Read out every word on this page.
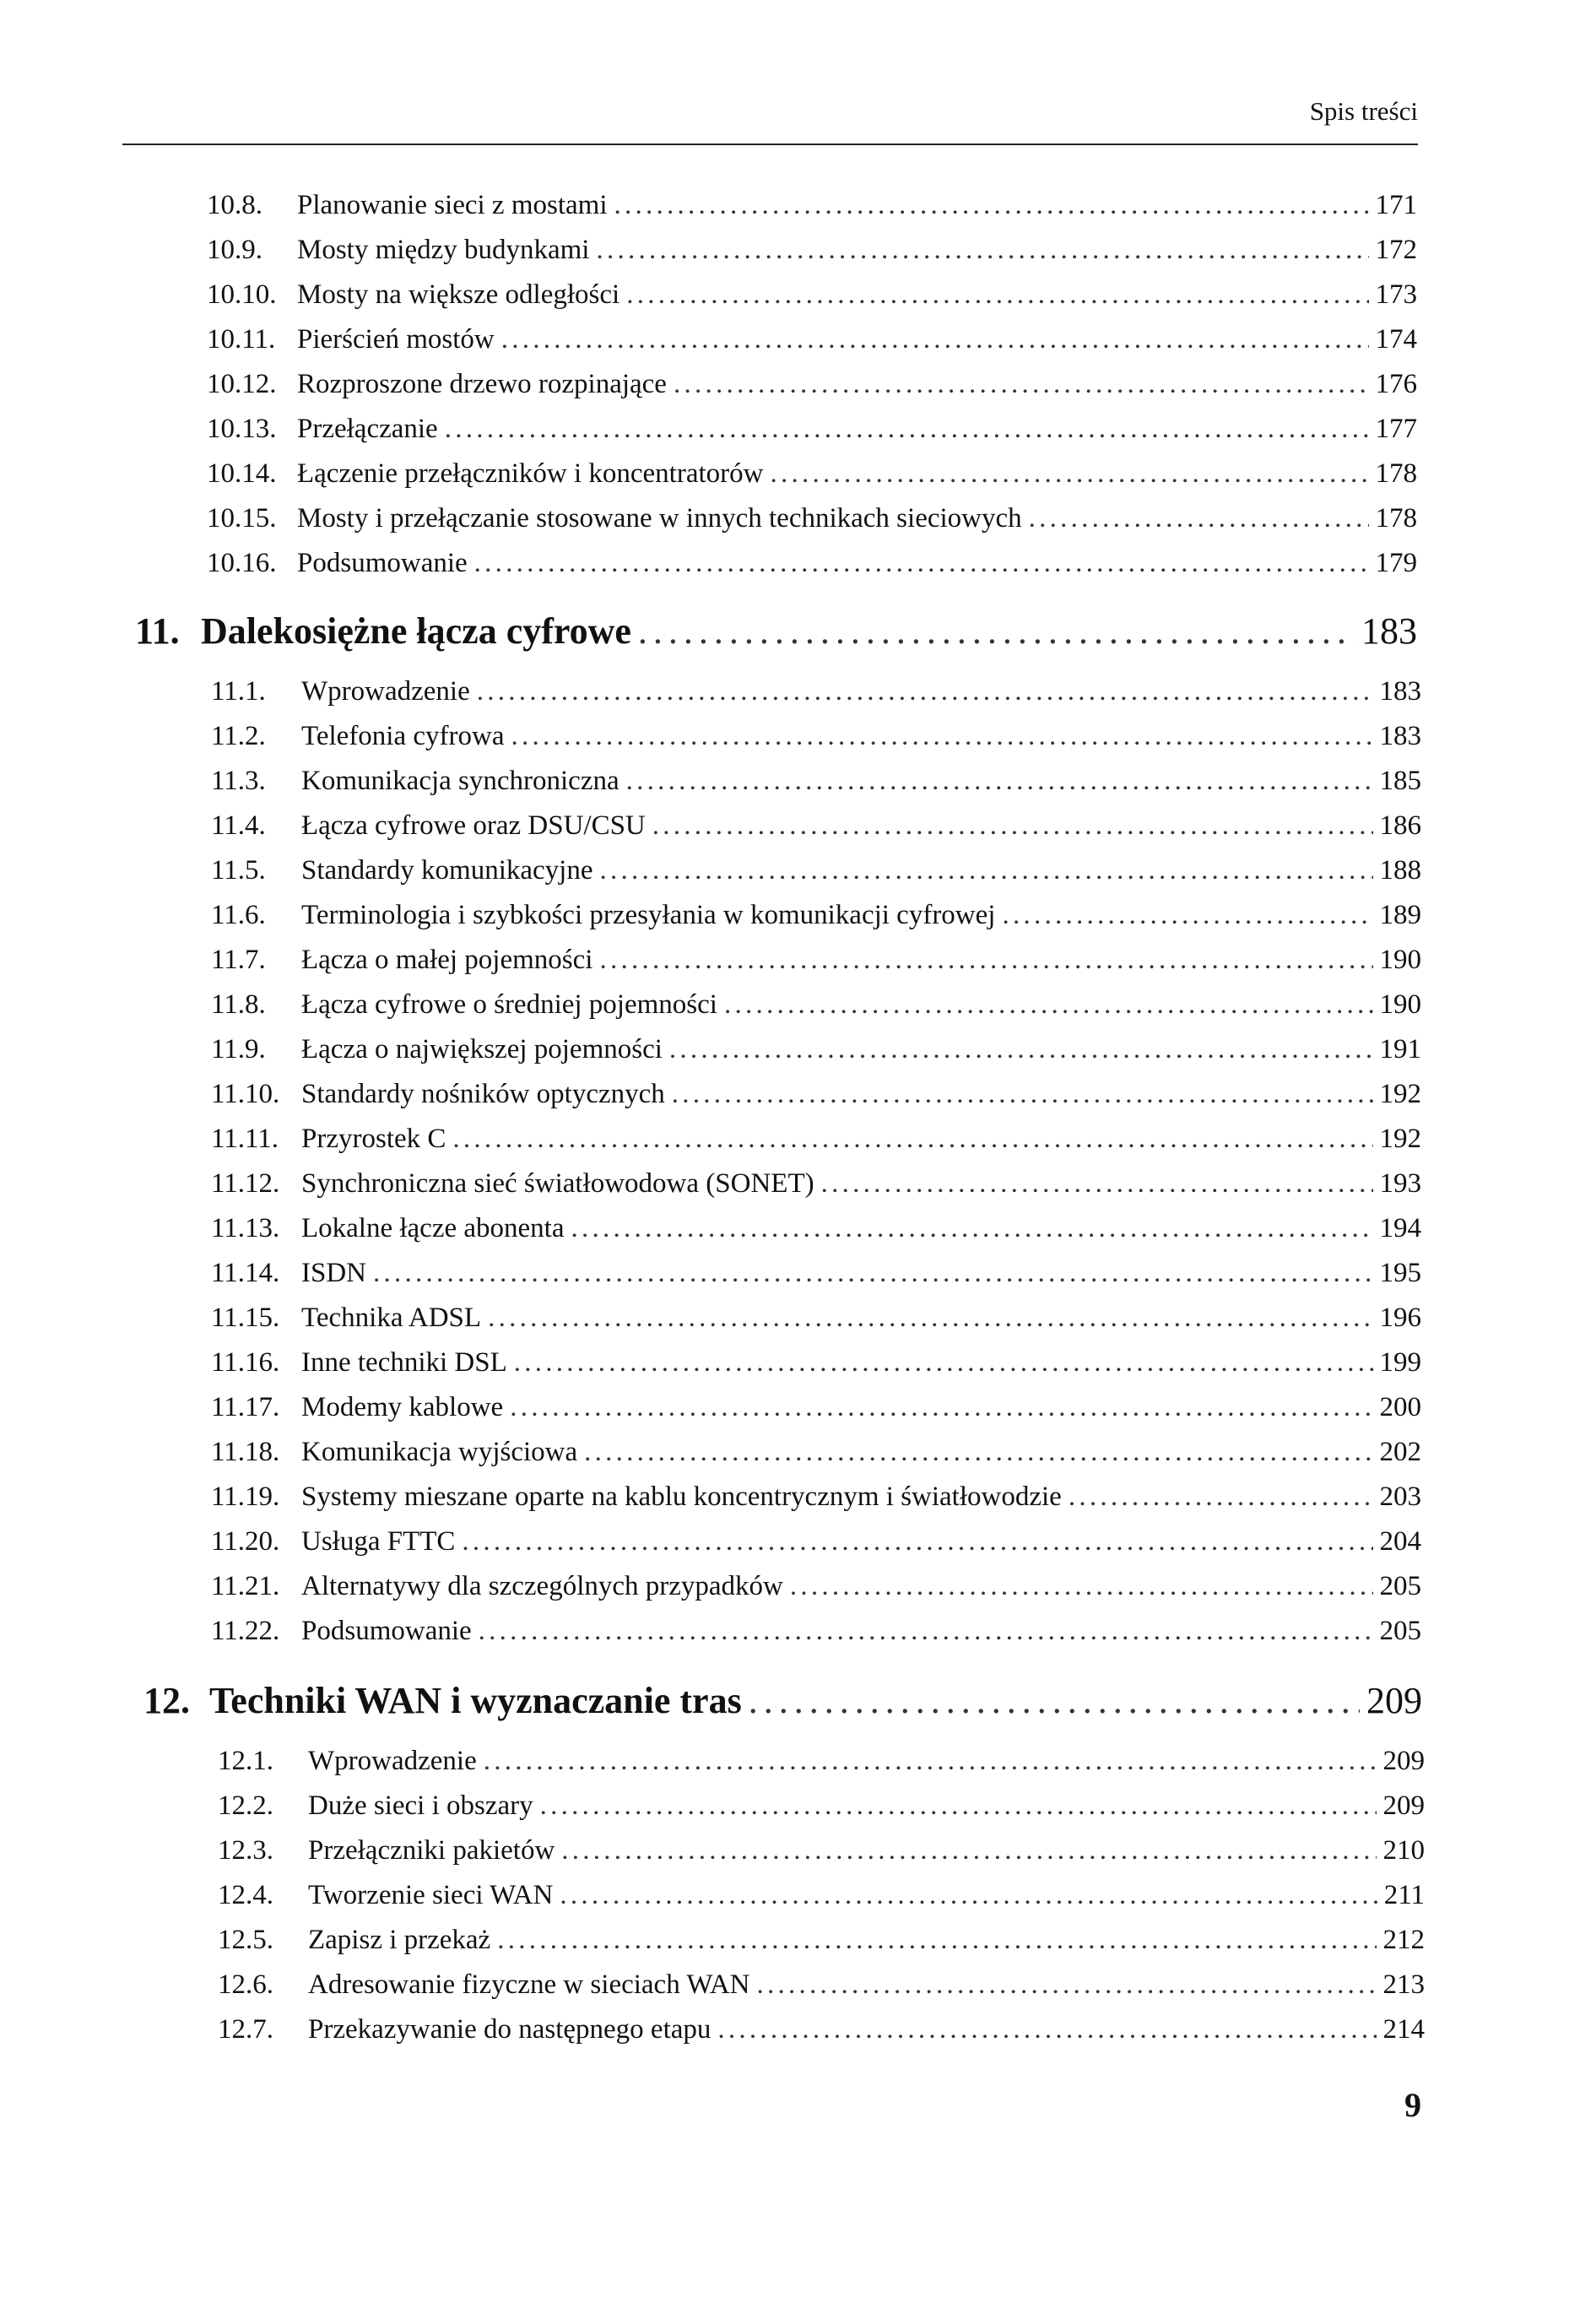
Spis treści
10.8.	Planowanie sieci z mostami . . .	171
10.9.	Mosty między budynkami . . .	172
10.10. Mosty na większe odległości . . .	173
10.11. Pierścień mostów . . .	174
10.12. Rozproszone drzewo rozpinające . . .	176
10.13. Przełączanie . . .	177
10.14. Łączenie przełączników i koncentratorów . . .	178
10.15. Mosty i przełączanie stosowane w innych technikach sieciowych . . .	178
10.16. Podsumowanie . . .	179
11. Dalekosiężne łącza cyfrowe . . .	183
11.1.	Wprowadzenie . . .	183
11.2.	Telefonia cyfrowa . . .	183
11.3.	Komunikacja synchroniczna . . .	185
11.4.	Łącza cyfrowe oraz DSU/CSU . . .	186
11.5.	Standardy komunikacyjne . . .	188
11.6.	Terminologia i szybkości przesyłania w komunikacji cyfrowej . . .	189
11.7.	Łącza o małej pojemności . . .	190
11.8.	Łącza cyfrowe o średniej pojemności . . .	190
11.9.	Łącza o największej pojemności . . .	191
11.10. Standardy nośników optycznych . . .	192
11.11. Przyrostek C . . .	192
11.12. Synchroniczna sieć światłowodowa (SONET) . . .	193
11.13. Lokalne łącze abonenta . . .	194
11.14. ISDN . . .	195
11.15. Technika ADSL . . .	196
11.16. Inne techniki DSL . . .	199
11.17. Modemy kablowe . . .	200
11.18. Komunikacja wyjściowa . . .	202
11.19. Systemy mieszane oparte na kablu koncentrycznym i światłowodzie . . .	203
11.20. Usługa FTTC . . .	204
11.21. Alternatywy dla szczególnych przypadków . . .	205
11.22. Podsumowanie . . .	205
12. Techniki WAN i wyznaczanie tras . . .	209
12.1.	Wprowadzenie . . .	209
12.2.	Duże sieci i obszary . . .	209
12.3.	Przełączniki pakietów . . .	210
12.4.	Tworzenie sieci WAN . . .	211
12.5.	Zapisz i przekaż . . .	212
12.6.	Adresowanie fizyczne w sieciach WAN . . .	213
12.7.	Przekazywanie do następnego etapu . . .	214
9
